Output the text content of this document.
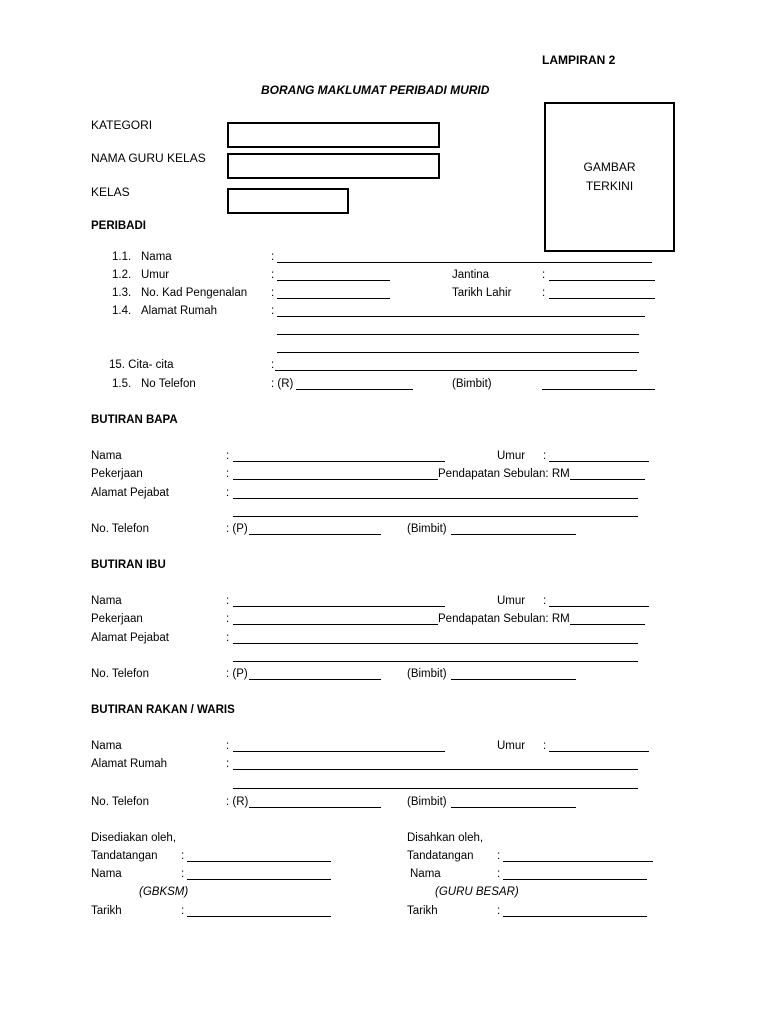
LAMPIRAN 2
BORANG MAKLUMAT PERIBADI MURID
KATEGORI
NAMA GURU KELAS
KELAS
GAMBAR
TERKINI
PERIBADI
1.1. Nama	:
1.2. Umur	:	Jantina	:
1.3. No. Kad Pengenalan :	Tarikh Lahir	:
1.4. Alamat Rumah	:
15. Cita- cita	:
1.5. No Telefon	: (R)	(Bimbit)
BUTIRAN BAPA
Nama	:	Umur :
Pekerjaan	:	Pendapatan Sebulan: RM
Alamat Pejabat	:
No. Telefon	: (P)	(Bimbit)
BUTIRAN IBU
Nama	:	Umur :
Pekerjaan	:	Pendapatan Sebulan: RM
Alamat Pejabat	:
No. Telefon	: (P)	(Bimbit)
BUTIRAN RAKAN / WARIS
Nama	:	Umur :
Alamat Rumah	:
No. Telefon	: (R)	(Bimbit)
Disediakan oleh,
Tandatangan :
Nama	:
(GBKSM)
Tarikh	:
Disahkan oleh,
Tandatangan :
Nama	:
(GURU BESAR)
Tarikh	:
